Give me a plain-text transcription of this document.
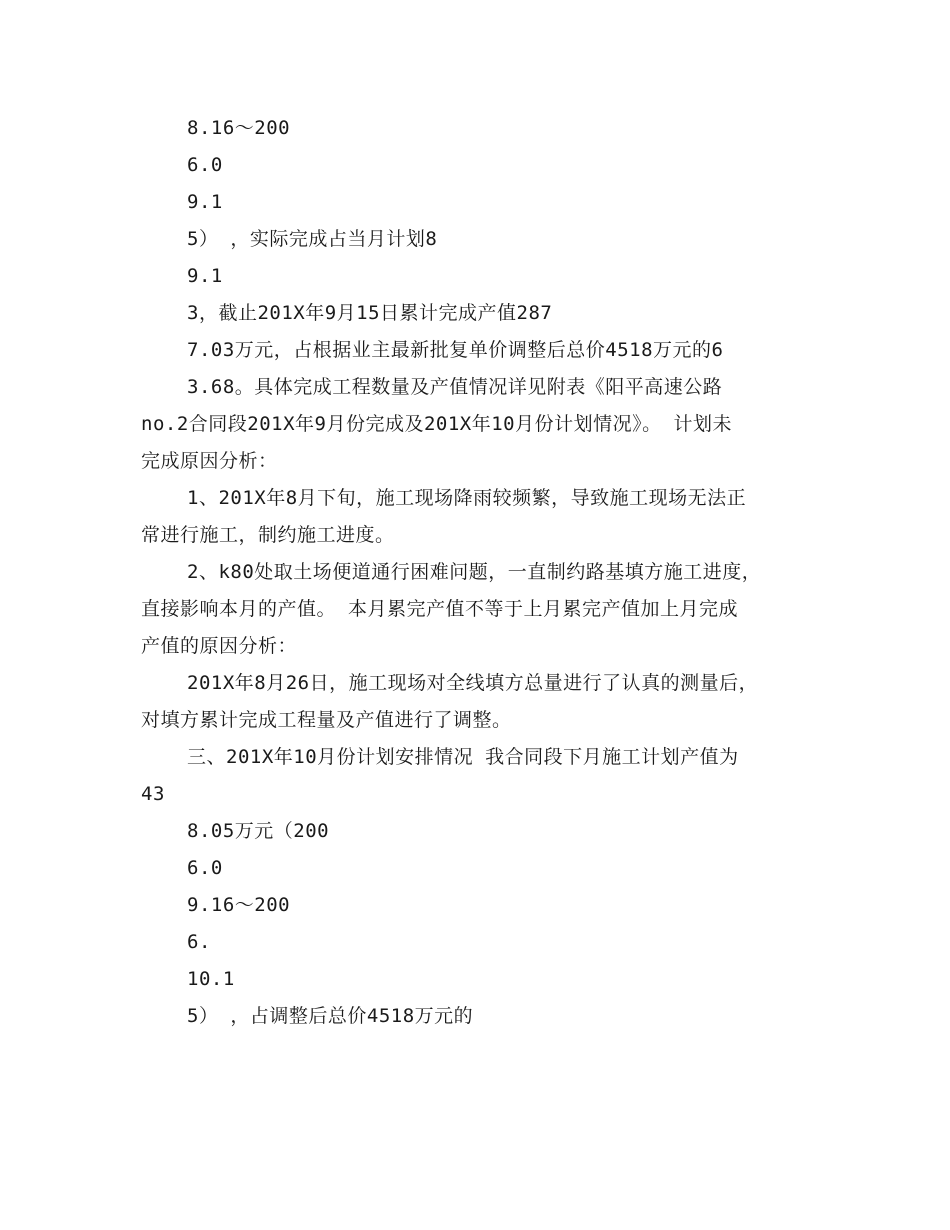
8.16～200
6.0
9.1
5） ，实际完成占当月计划8
9.1
3，截止201X年9月15日累计完成产值287
7.03万元，占根据业主最新批复单价调整后总价4518万元的6
3.68。具体完成工程数量及产值情况详见附表《阳平高速公路
no.2合同段201X年9月份完成及201X年10月份计划情况》。 计划未
完成原因分析：
1、201X年8月下旬，施工现场降雨较频繁，导致施工现场无法正
常进行施工，制约施工进度。
2、k80处取土场便道通行困难问题，一直制约路基填方施工进度，
直接影响本月的产值。 本月累完产值不等于上月累完产值加上月完成
产值的原因分析：
201X年8月26日，施工现场对全线填方总量进行了认真的测量后，
对填方累计完成工程量及产值进行了调整。
三、201X年10月份计划安排情况 我合同段下月施工计划产值为
43
8.05万元（200
6.0
9.16～200
6.
10.1
5） ，占调整后总价4518万元的
